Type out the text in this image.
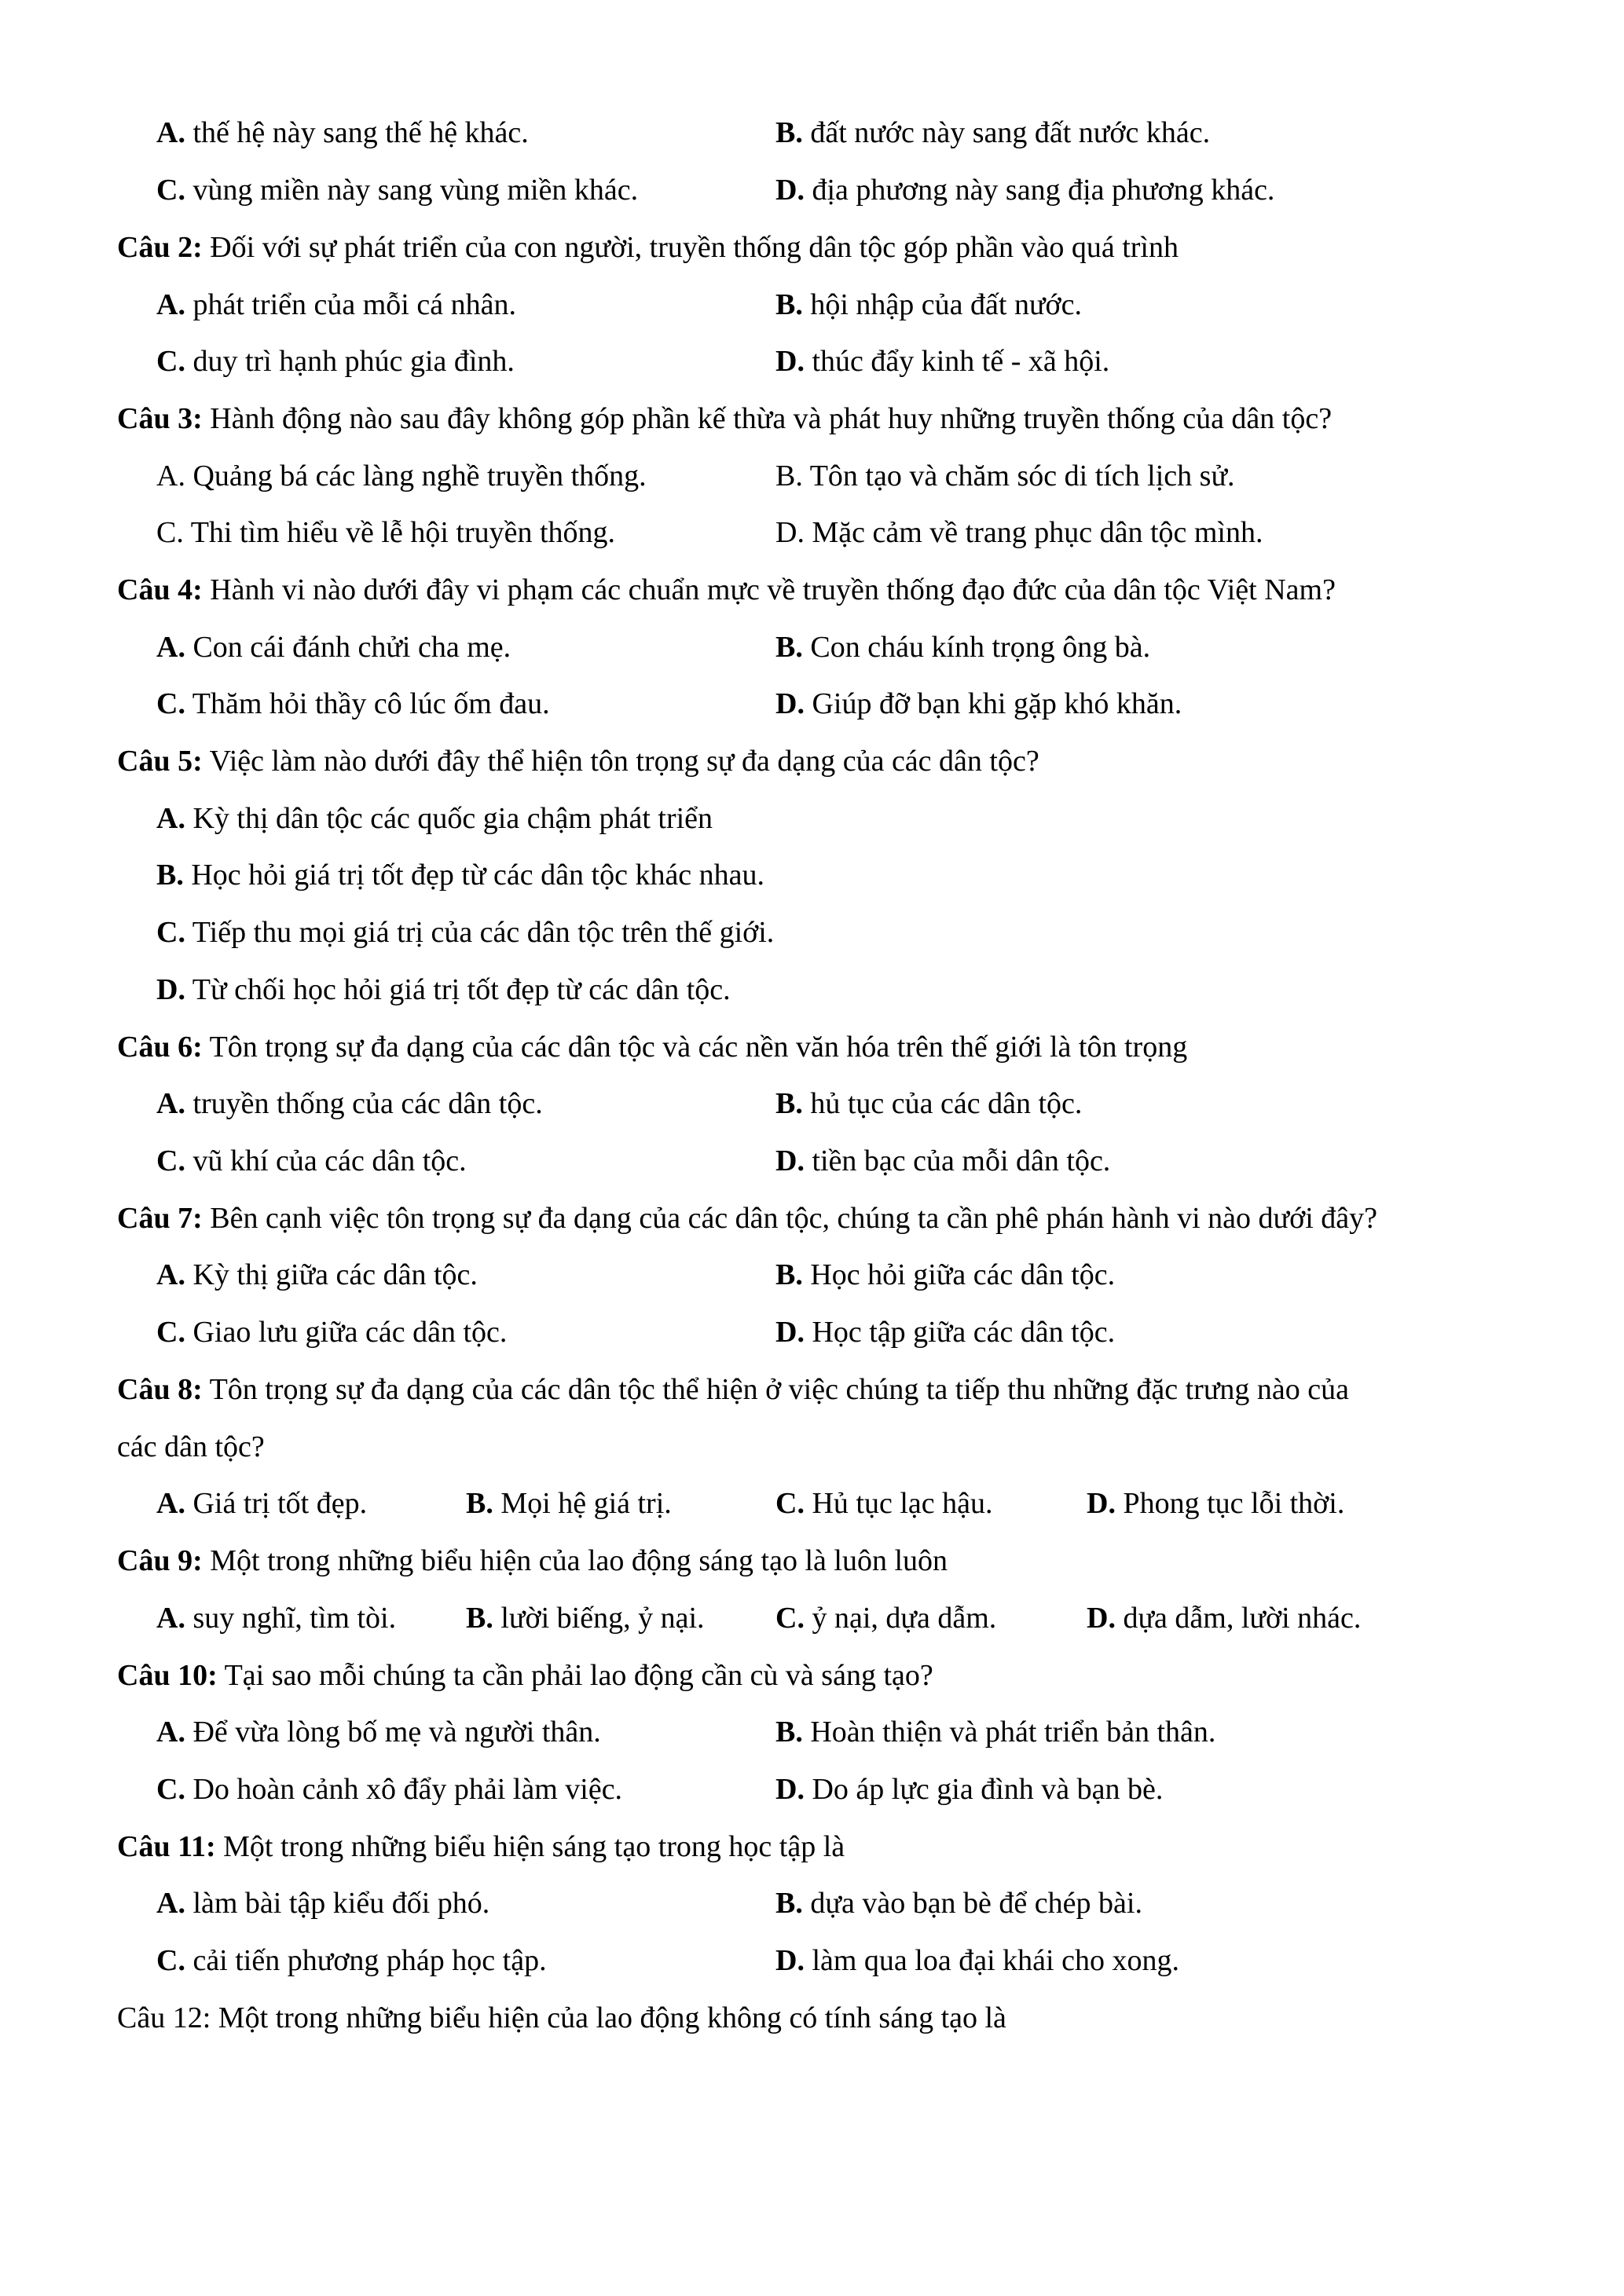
A. thế hệ này sang thế hệ khác.	B. đất nước này sang đất nước khác.
C. vùng miền này sang vùng miền khác.	D. địa phương này sang địa phương khác.
Câu 2: Đối với sự phát triển của con người, truyền thống dân tộc góp phần vào quá trình
A. phát triển của mỗi cá nhân.	B. hội nhập của đất nước.
C. duy trì hạnh phúc gia đình.	D. thúc đẩy kinh tế - xã hội.
Câu 3: Hành động nào sau đây không góp phần kế thừa và phát huy những truyền thống của dân tộc?
A. Quảng bá các làng nghề truyền thống.	B. Tôn tạo và chăm sóc di tích lịch sử.
C. Thi tìm hiểu về lễ hội truyền thống.	D. Mặc cảm về trang phục dân tộc mình.
Câu 4: Hành vi nào dưới đây vi phạm các chuẩn mực về truyền thống đạo đức của dân tộc Việt Nam?
A. Con cái đánh chửi cha mẹ.	B. Con cháu kính trọng ông bà.
C. Thăm hỏi thầy cô lúc ốm đau.	D. Giúp đỡ bạn khi gặp khó khăn.
Câu 5: Việc làm nào dưới đây thể hiện tôn trọng sự đa dạng của các dân tộc?
A. Kỳ thị dân tộc các quốc gia chậm phát triển
B. Học hỏi giá trị tốt đẹp từ các dân tộc khác nhau.
C. Tiếp thu mọi giá trị của các dân tộc trên thế giới.
D. Từ chối học hỏi giá trị tốt đẹp từ các dân tộc.
Câu 6: Tôn trọng sự đa dạng của các dân tộc và các nền văn hóa trên thế giới là tôn trọng
A. truyền thống của các dân tộc.	B. hủ tục của các dân tộc.
C. vũ khí của các dân tộc.	D. tiền bạc của mỗi dân tộc.
Câu 7: Bên cạnh việc tôn trọng sự đa dạng của các dân tộc, chúng ta cần phê phán hành vi nào dưới đây?
A. Kỳ thị giữa các dân tộc.	B. Học hỏi giữa các dân tộc.
C. Giao lưu giữa các dân tộc.	D. Học tập giữa các dân tộc.
Câu 8: Tôn trọng sự đa dạng của các dân tộc thể hiện ở việc chúng ta tiếp thu những đặc trưng nào của
các dân tộc?
A. Giá trị tốt đẹp.	B. Mọi hệ giá trị.	C. Hủ tục lạc hậu.	D. Phong tục lỗi thời.
Câu 9: Một trong những biểu hiện của lao động sáng tạo là luôn luôn
A. suy nghĩ, tìm tòi. B. lười biếng, ỷ nại. C. ỷ nại, dựa dẫm.	D. dựa dẫm, lười nhác.
Câu 10: Tại sao mỗi chúng ta cần phải lao động cần cù và sáng tạo?
A. Để vừa lòng bố mẹ và người thân.	B. Hoàn thiện và phát triển bản thân.
C. Do hoàn cảnh xô đẩy phải làm việc.	D. Do áp lực gia đình và bạn bè.
Câu 11: Một trong những biểu hiện sáng tạo trong học tập là
A. làm bài tập kiểu đối phó.	B. dựa vào bạn bè để chép bài.
C. cải tiến phương pháp học tập.	D. làm qua loa đại khái cho xong.
Câu 12: Một trong những biểu hiện của lao động không có tính sáng tạo là
